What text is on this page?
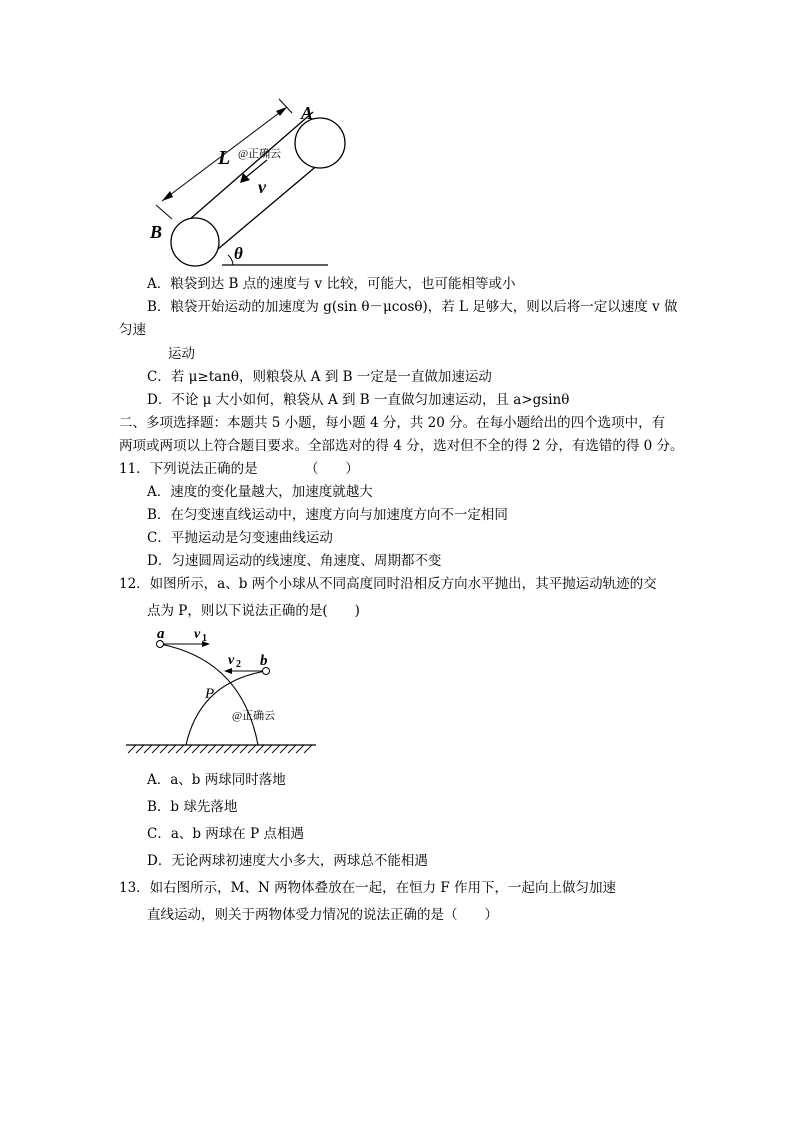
A
B
L
v
θ
@正确云
A．粮袋到达 B 点的速度与 v 比较，可能大，也可能相等或小
B．粮袋开始运动的加速度为 g(sin θ－μcosθ)，若 L 足够大，则以后将一定以速度 v 做
匀速
运动
C．若 μ≥tanθ，则粮袋从 A 到 B 一定是一直做加速运动
D．不论 μ 大小如何，粮袋从 A 到 B 一直做匀加速运动，且 a>gsinθ
二、多项选择题：本题共 5 小题，每小题 4 分，共 20 分。在每小题给出的四个选项中，有
两项或两项以上符合题目要求。全部选对的得 4 分，选对但不全的得 2 分，有选错的得 0 分。
11．下列说法正确的是　　　　（　　）
A．速度的变化量越大，加速度就越大
B．在匀变速直线运动中，速度方向与加速度方向不一定相同
C．平抛运动是匀变速曲线运动
D．匀速圆周运动的线速度、角速度、周期都不变
12．如图所示，a、b 两个小球从不同高度同时沿相反方向水平抛出，其平抛运动轨迹的交
点为 P，则以下说法正确的是(　　)
a
b
v 1
v 2
P
@正确云
A．a、b 两球同时落地
B．b 球先落地
C．a、b 两球在 P 点相遇
D．无论两球初速度大小多大，两球总不能相遇
13．如右图所示，M、N 两物体叠放在一起，在恒力 F 作用下，一起向上做匀加速
直线运动，则关于两物体受力情况的说法正确的是（　　）
